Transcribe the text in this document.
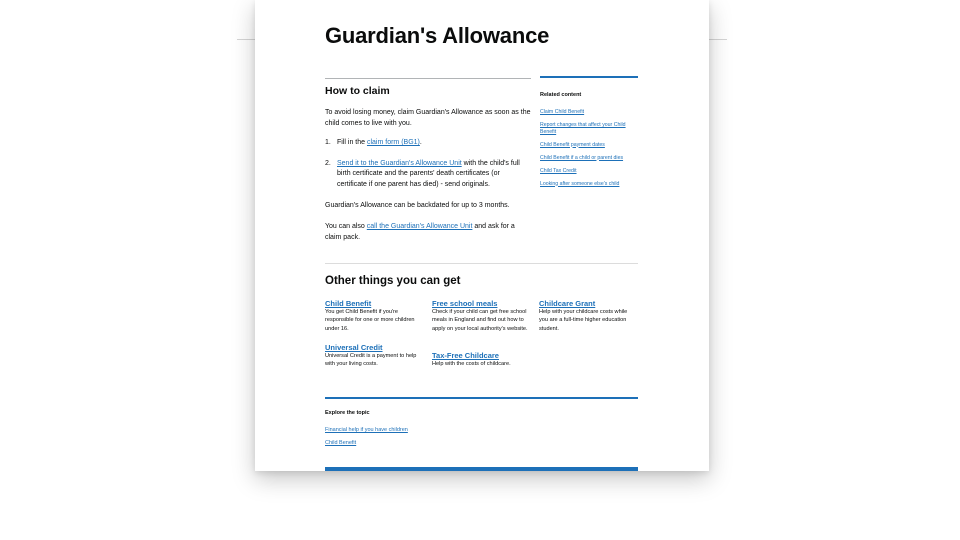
Guardian's Allowance
How to claim

To avoid losing money, claim Guardian's Allowance as soon as the child comes to live with you.

1. Fill in the claim form (BG1).
2. Send it to the Guardian's Allowance Unit with the child's full birth certificate and the parents' death certificates (or certificate if one parent has died) - send originals.

Guardian's Allowance can be backdated for up to 3 months.

You can also call the Guardian's Allowance Unit and ask for a claim pack.

Related content
Claim Child Benefit
Report changes that affect your Child Benefit
Child Benefit payment dates
Child Benefit if a child or parent dies
Child Tax Credit
Looking after someone else's child
Other things you can get
Child Benefit

You get Child Benefit if you're responsible for one or more children under 16.

Free school meals

Check if your child can get free school meals in England and find out how to apply on your local authority's website.

Childcare Grant

Help with your childcare costs while you are a full-time higher education student.

Universal Credit

Universal Credit is a payment to help with your living costs.

Tax-Free Childcare

Help with the costs of childcare.

Explore the topic
Financial help if you have children
Child Benefit
